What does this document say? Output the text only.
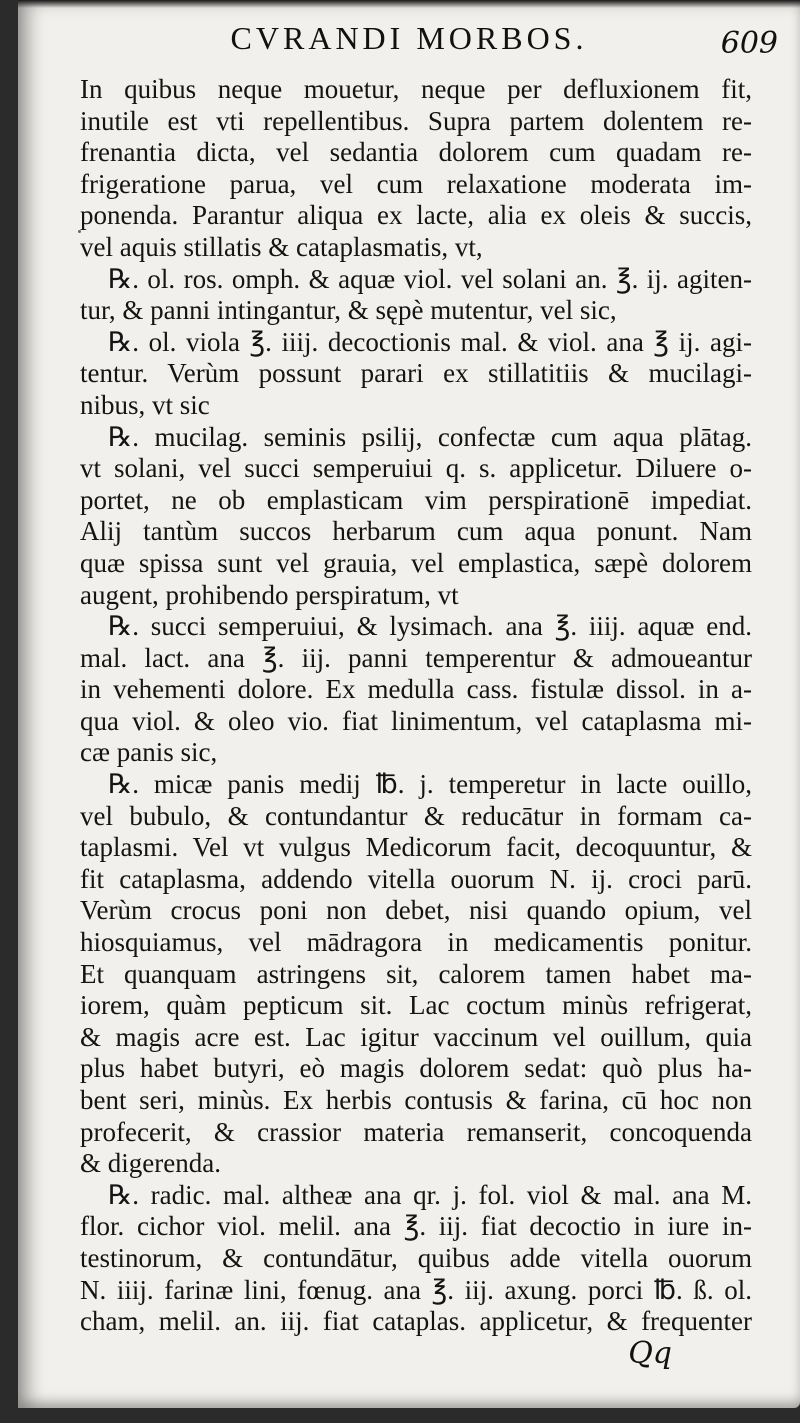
CVRANDI MORBOS.	609
In quibus neque mouetur, neque per defluxionem fit,
inutile est vti repellentibus. Supra partem dolentem re-
frenantia dicta, vel sedantia dolorem cum quadam re-
frigeratione parua, vel cum relaxatione moderata im-
ponenda. Parantur aliqua ex lacte, alia ex oleis & succis,
vel aquis stillatis & cataplasmatis, vt,
℞. ol. ros. omph. & aquæ viol. vel solani an. ℥. ij. agiten-
tur, & panni intingantur, & sępè mutentur, vel sic,
℞. ol. viola ℥. iiij. decoctionis mal. & viol. ana ℥ ij. agi-
tentur. Verùm possunt parari ex stillatitiis & mucilagi-
nibus, vt sic
℞. mucilag. seminis psilij, confectæ cum aqua plātag.
vt solani, vel succi semperuiui q. s. applicetur. Diluere o-
portet, ne ob emplasticam vim perspirationē impediat.
Alij tantùm succos herbarum cum aqua ponunt. Nam
quæ spissa sunt vel grauia, vel emplastica, sæpè dolorem
augent, prohibendo perspiratum, vt
℞. succi semperuiui, & lysimach. ana ℥. iiij. aquæ end.
mal. lact. ana ℥. iij. panni temperentur & admoueantur
in vehementi dolore. Ex medulla cass. fistulæ dissol. in a-
qua viol. & oleo vio. fiat linimentum, vel cataplasma mi-
cæ panis sic,
℞. micæ panis medij ℔. j. temperetur in lacte ouillo,
vel bubulo, & contundantur & reducātur in formam ca-
taplasmi. Vel vt vulgus Medicorum facit, decoquuntur, &
fit cataplasma, addendo vitella ouorum N. ij. croci parū.
Verùm crocus poni non debet, nisi quando opium, vel
hiosquiamus, vel mādragora in medicamentis ponitur.
Et quanquam astringens sit, calorem tamen habet ma-
iorem, quàm pepticum sit. Lac coctum minùs refrigerat,
& magis acre est. Lac igitur vaccinum vel ouillum, quia
plus habet butyri, eò magis dolorem sedat: quò plus ha-
bent seri, minùs. Ex herbis contusis & farina, cū hoc non
profecerit, & crassior materia remanserit, concoquenda
& digerenda.
℞. radic. mal. altheæ ana qr. j. fol. viol & mal. ana M.
flor. cichor viol. melil. ana ℥. iij. fiat decoctio in iure in-
testinorum, & contundātur, quibus adde vitella ouorum
N. iiij. farinæ lini, fœnug. ana ℥. iij. axung. porci ℔. ß. ol.
cham, melil. an. iij. fiat cataplas. applicetur, & frequenter
Qq
